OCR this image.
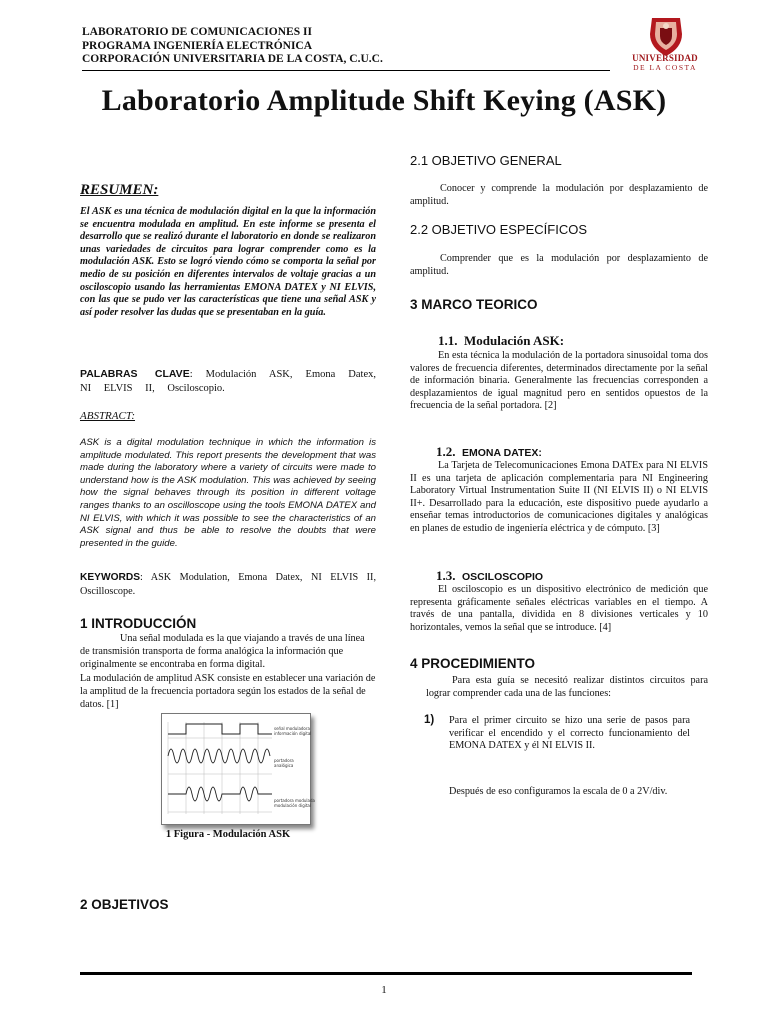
LABORATORIO DE COMUNICACIONES II
PROGRAMA INGENIERÍA ELECTRÓNICA
CORPORACIÓN UNIVERSITARIA DE LA COSTA, C.U.C.	UNIVERSIDAD
DE LA COSTA
Laboratorio Amplitude Shift Keying (ASK)
RESUMEN:
El ASK es una técnica de modulación digital en la que la información se encuentra modulada en amplitud. En este informe se presenta el desarrollo que se realizó durante el laboratorio en donde se realizaron unas variedades de circuitos para lograr comprender como es la modulación ASK. Esto se logró viendo cómo se comporta la señal por medio de su posición en diferentes intervalos de voltaje gracias a un osciloscopio usando las herramientas EMONA DATEX y NI ELVIS, con las que se pudo ver las características que tiene una señal ASK y así poder resolver las dudas que se presentaban en la guía.
PALABRAS CLAVE: Modulación ASK, Emona Datex, NI ELVIS II, Osciloscopio.
ABSTRACT:
ASK is a digital modulation technique in which the information is amplitude modulated. This report presents the development that was made during the laboratory where a variety of circuits were made to understand how is the ASK modulation. This was achieved by seeing how the signal behaves through its position in different voltage ranges thanks to an oscilloscope using the tools EMONA DATEX and NI ELVIS, with which it was possible to see the characteristics of an ASK signal and thus be able to resolve the doubts that were presented in the guide.
KEYWORDS: ASK Modulation, Emona Datex, NI ELVIS II, Oscilloscope.
1 INTRODUCCIÓN
Una señal modulada es la que viajando a través de una línea de transmisión transporta de forma analógica la información que originalmente se encontraba en forma digital.
La modulación de amplitud ASK consiste en establecer una variación de la amplitud de la frecuencia portadora según los estados de la señal de datos. [1]
señal moduladora
información digital
portadora
analógica
portadora modulada
modulación digital
1 Figura - Modulación ASK
2 OBJETIVOS
2.1 OBJETIVO GENERAL
Conocer y comprende la modulación por desplazamiento de amplitud.
2.2 OBJETIVO ESPECÍFICOS
Comprender que es la modulación por desplazamiento de amplitud.
3 MARCO TEORICO
1.1. Modulación ASK:
En esta técnica la modulación de la portadora sinusoidal toma dos valores de frecuencia diferentes, determinados directamente por la señal de información binaria. Generalmente las frecuencias corresponden a desplazamientos de igual magnitud pero en sentidos opuestos de la frecuencia de la señal portadora. [2]
1.2. EMONA DATEX:
La Tarjeta de Telecomunicaciones Emona DATEx para NI ELVIS II es una tarjeta de aplicación complementaria para NI Engineering Laboratory Virtual Instrumentation Suite II (NI ELVIS II) o NI ELVIS II+. Desarrollado para la educación, este dispositivo puede ayudarlo a enseñar temas introductorios de comunicaciones digitales y analógicas en planes de estudio de ingeniería eléctrica y de cómputo. [3]
1.3. OSCILOSCOPIO
El osciloscopio es un dispositivo electrónico de medición que representa gráficamente señales eléctricas variables en el tiempo. A través de una pantalla, dividida en 8 divisiones verticales y 10 horizontales, vemos la señal que se introduce. [4]
4 PROCEDIMIENTO
Para esta guía se necesitó realizar distintos circuitos para lograr comprender cada una de las funciones:
1) Para el primer circuito se hizo una serie de pasos para verificar el encendido y el correcto funcionamiento del EMONA DATEX y él NI ELVIS II.
Después de eso configuramos la escala de 0 a 2V/div.
1
